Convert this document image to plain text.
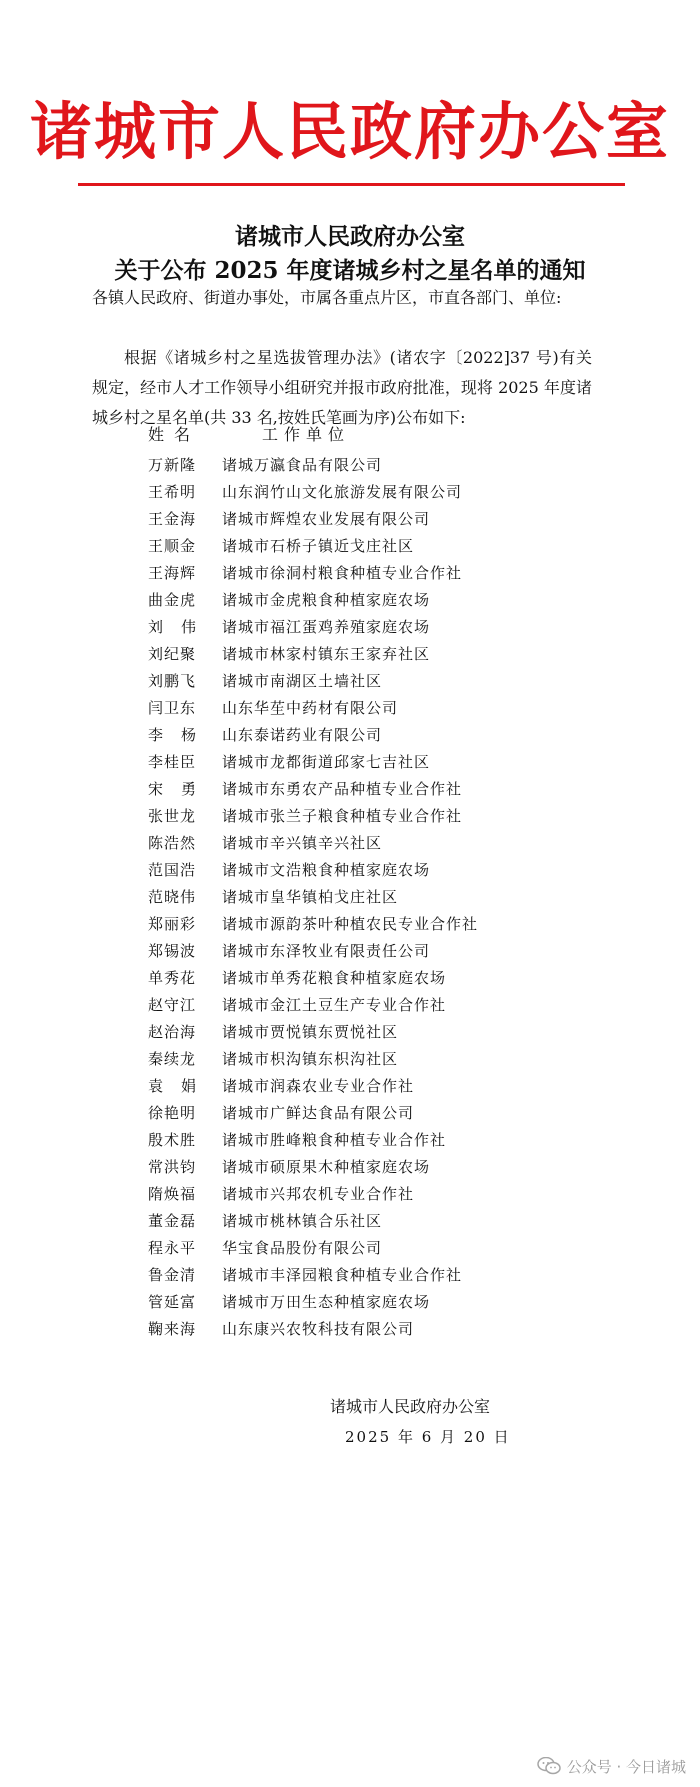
诸城市人民政府办公室
诸城市人民政府办公室
关于公布 2025 年度诸城乡村之星名单的通知
各镇人民政府、街道办事处，市属各重点片区，市直各部门、单位:
根据《诸城乡村之星选拔管理办法》(诸农字〔2022]37 号)有关规定，经市人才工作领导小组研究并报市政府批准，现将 2025 年度诸城乡村之星名单(共 33 名,按姓氏笔画为序)公布如下:
姓名	工作单位
万新隆	诸城万瀛食品有限公司
王希明	山东润竹山文化旅游发展有限公司
王金海	诸城市辉煌农业发展有限公司
王顺金	诸城市石桥子镇近戈庄社区
王海辉	诸城市徐洞村粮食种植专业合作社
曲金虎	诸城市金虎粮食种植家庭农场
刘伟 诸城市福江蛋鸡养殖家庭农场
刘纪聚	诸城市林家村镇东王家弃社区
刘鹏飞	诸城市南湖区土墙社区
闫卫东	山东华苼中药材有限公司
李杨 山东泰诺药业有限公司
李桂臣	诸城市龙都街道邱家七吉社区
宋勇 诸城市东勇农产品种植专业合作社
张世龙	诸城市张兰子粮食种植专业合作社
陈浩然	诸城市辛兴镇辛兴社区
范国浩	诸城市文浩粮食种植家庭农场
范晓伟	诸城市皇华镇柏戈庄社区
郑丽彩	诸城市源韵茶叶种植农民专业合作社
郑锡波	诸城市东泽牧业有限责任公司
单秀花	诸城市单秀花粮食种植家庭农场
赵守江	诸城市金江土豆生产专业合作社
赵治海	诸城市贾悦镇东贾悦社区
秦续龙	诸城市枳沟镇东枳沟社区
袁娟 诸城市润森农业专业合作社
徐艳明	诸城市广鲜达食品有限公司
殷术胜	诸城市胜峰粮食种植专业合作社
常洪钧	诸城市硕原果木种植家庭农场
隋焕福	诸城市兴邦农机专业合作社
董金磊	诸城市桃林镇合乐社区
程永平	华宝食品股份有限公司
鲁金清	诸城市丰泽园粮食种植专业合作社
管延富	诸城市万田生态种植家庭农场
鞠来海	山东康兴农牧科技有限公司
诸城市人民政府办公室
2025 年 6 月 20 日
公众号 · 今日诸城
